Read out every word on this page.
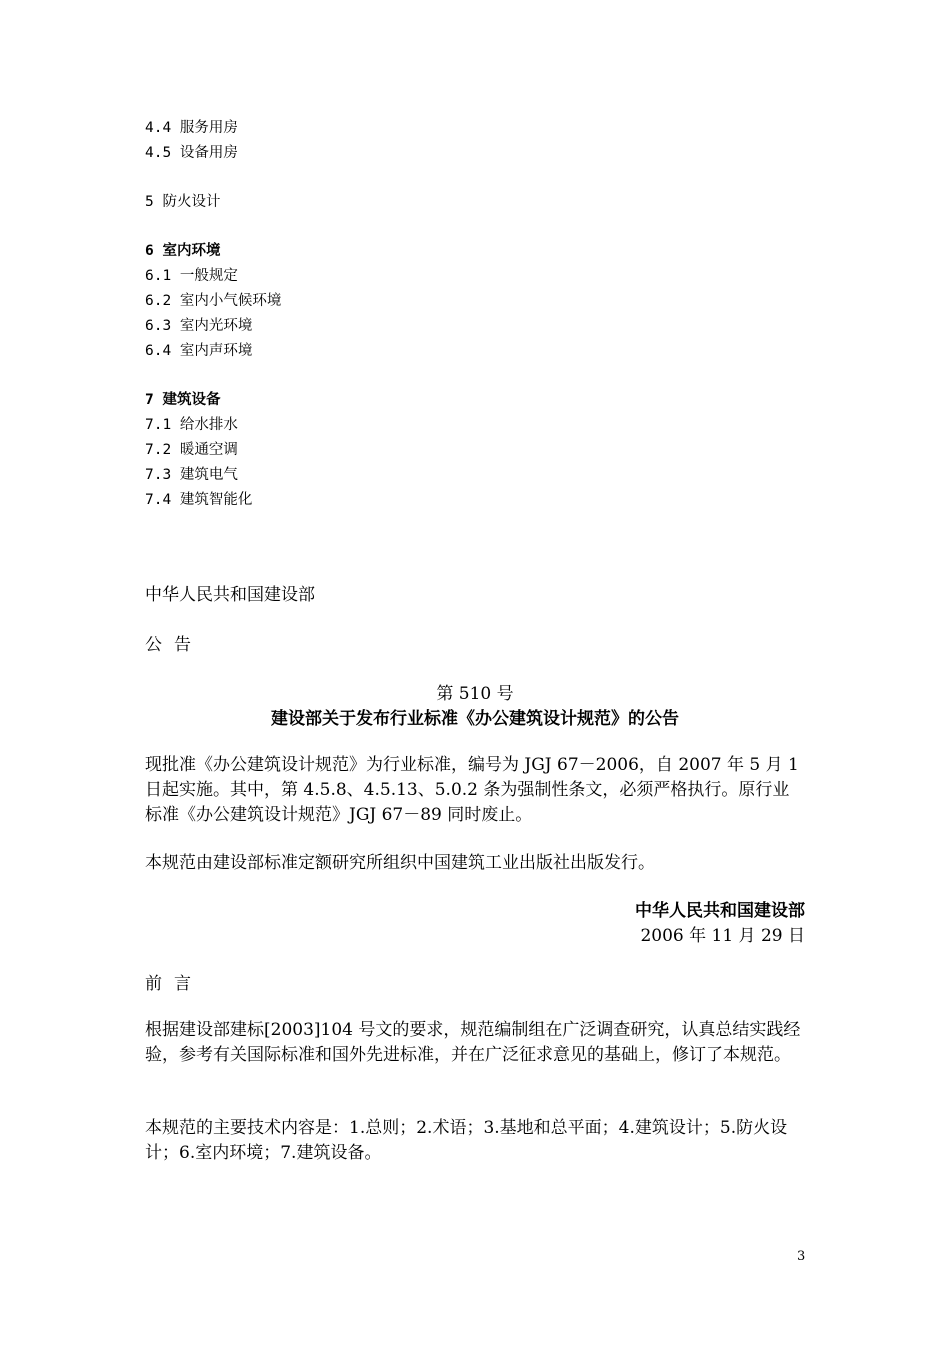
4.4 服务用房
4.5 设备用房
5 防火设计
6 室内环境
6.1 一般规定
6.2 室内小气候环境
6.3 室内光环境
6.4 室内声环境
7 建筑设备
7.1 给水排水
7.2 暖通空调
7.3 建筑电气
7.4 建筑智能化
中华人民共和国建设部
公告
第 510 号
建设部关于发布行业标准《办公建筑设计规范》的公告
现批准《办公建筑设计规范》为行业标准，编号为 JGJ 67－2006，自 2007 年 5 月 1 日起实施。其中，第 4.5.8、4.5.13、5.0.2 条为强制性条文，必须严格执行。原行业标准《办公建筑设计规范》JGJ 67－89 同时废止。
本规范由建设部标准定额研究所组织中国建筑工业出版社出版发行。
中华人民共和国建设部
2006 年 11 月 29 日
前言
根据建设部建标[2003]104 号文的要求，规范编制组在广泛调查研究，认真总结实践经验，参考有关国际标准和国外先进标准，并在广泛征求意见的基础上，修订了本规范。
本规范的主要技术内容是：1.总则；2.术语；3.基地和总平面；4.建筑设计；5.防火设计；6.室内环境；7.建筑设备。
3
